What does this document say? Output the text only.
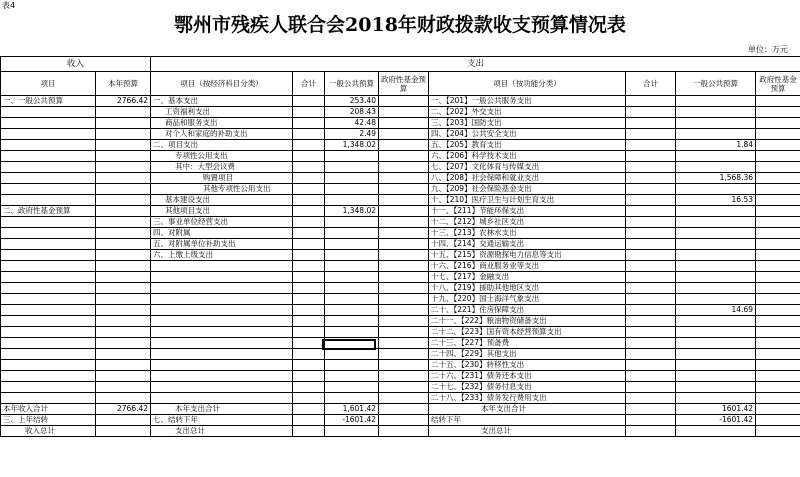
表4
鄂州市残疾人联合会2018年财政拨款收支预算情况表
单位：万元
收入		支出							
项目	本年预算	项目（按经济科目分类）	合计	一般公共预算	政府性基金预算	项目（按功能分类）	合计	一般公共预算	政府性基金预算
一、一般公共预算	2766.42	一、基本支出		253.40		一、【201】一般公共服务支出			
		工资福利支出		208.43		二、【202】外交支出			
		商品和服务支出		42.48		三、【203】国防支出			
		对个人和家庭的补助支出		2.49		四、【204】公共安全支出			
		二、项目支出		1,348.02		五、【205】教育支出		1.84	
		专项性公用支出				六、【206】科学技术支出			
		其中：大型会议费				七、【207】文化体育与传媒支出			
		购置项目				八、【208】社会保障和就业支出		1,568.36	
		其他专项性公用支出				九、【209】社会保险基金支出			
		基本建设支出				十、【210】医疗卫生与计划生育支出		16.53	
二、政府性基金预算		其他项目支出		1,348.02		十一、【211】节能环保支出			
		三、事业单位经营支出				十二、【212】城乡社区支出			
		四、对附属				十三、【213】农林水支出			
		五、对附属单位补助支出				十四、【214】交通运输支出			
		六、上缴上级支出				十五、【215】资源勘探电力信息等支出			
						十六、【216】商业服务业等支出			
						十七、【217】金融支出			
						十八、【219】援助其他地区支出			
						十九、【220】国土海洋气象支出			
						二十、【221】住房保障支出		14.69	
						二十一、【222】粮油物资储备支出			
						二十二、【223】国有资本经营预算支出			
						二十三、【227】预备费			
						二十四、【229】其他支出			
						二十五、【230】转移性支出			
						二十六、【231】债务还本支出			
						二十七、【232】债务付息支出			
						二十八、【233】债务发行费用支出			
本年收入合计	2766.42	本年支出合计		1,601.42		本年支出合计		1601.42	
三、上年结转		七、结转下年		-1601.42		结转下年		-1601.42	
收入总计		支出总计				支出总计			
